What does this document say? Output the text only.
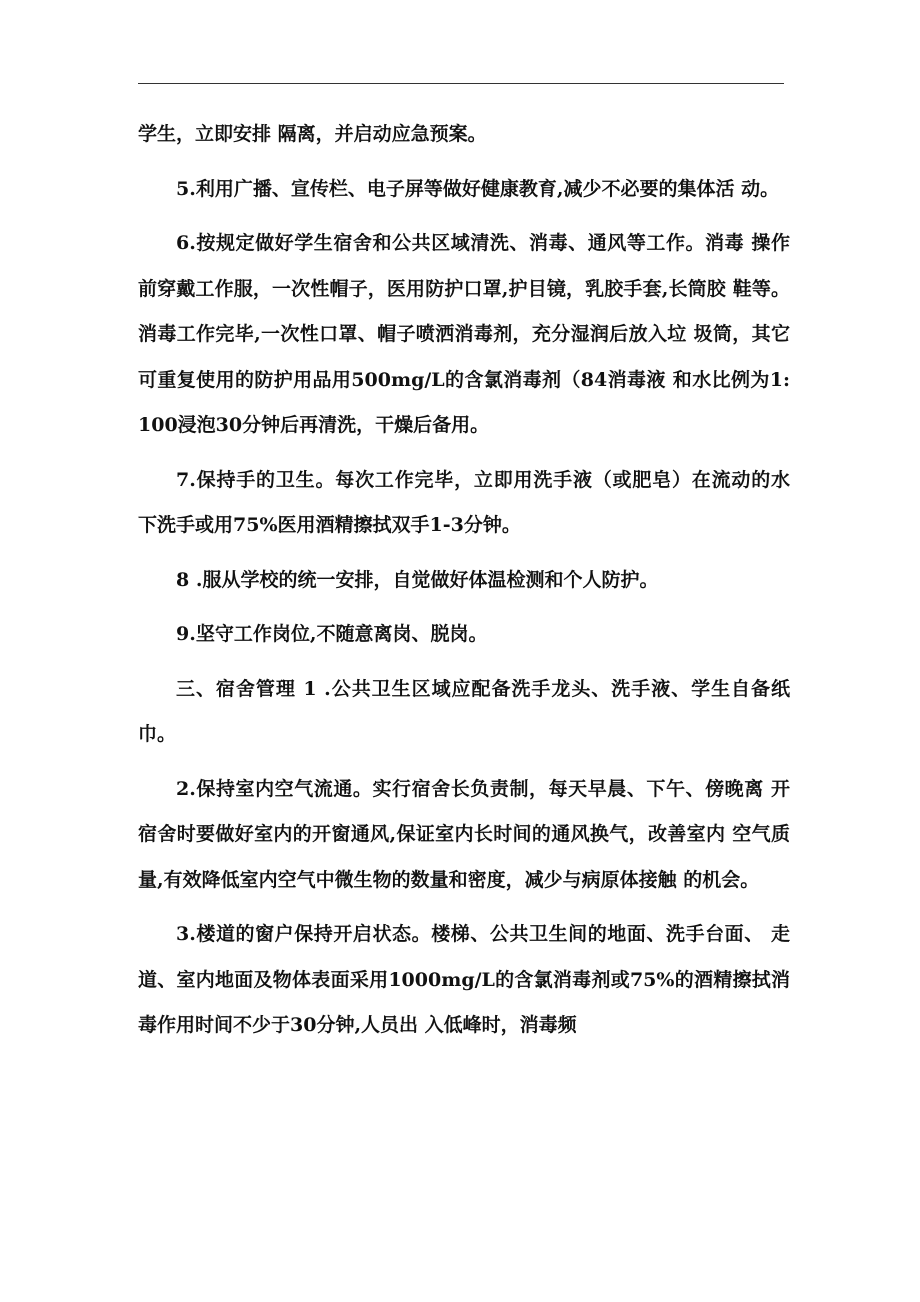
学生，立即安排 隔离，并启动应急预案。

5.利用广播、宣传栏、电子屏等做好健康教育,减少不必要的集体活 动。

6.按规定做好学生宿舍和公共区域清洗、消毒、通风等工作。消毒 操作前穿戴工作服，一次性帽子，医用防护口罩,护目镜，乳胶手套,长筒胶 鞋等。消毒工作完毕,一次性口罩、帽子喷洒消毒剂，充分湿润后放入垃 圾筒，其它可重复使用的防护用品用500mg/L的含氯消毒剂（84消毒液 和水比例为1:100浸泡30分钟后再清洗，干燥后备用。

7.保持手的卫生。每次工作完毕，立即用洗手液（或肥皂）在流动的水 下洗手或用75%医用酒精擦拭双手1-3分钟。

8 .服从学校的统一安排，自觉做好体温检测和个人防护。

9.坚守工作岗位,不随意离岗、脱岗。

三、宿舍管理 1 .公共卫生区域应配备洗手龙头、洗手液、学生自备纸巾。

2.保持室内空气流通。实行宿舍长负责制，每天早晨、下午、傍晚离 开宿舍时要做好室内的开窗通风,保证室内长时间的通风换气，改善室内 空气质量,有效降低室内空气中微生物的数量和密度，减少与病原体接触 的机会。

3.楼道的窗户保持开启状态。楼梯、公共卫生间的地面、洗手台面、 走道、室内地面及物体表面采用1000mg/L的含氯消毒剂或75%的酒精擦拭消毒作用时间不少于30分钟,人员出 入低峰时，消毒频
